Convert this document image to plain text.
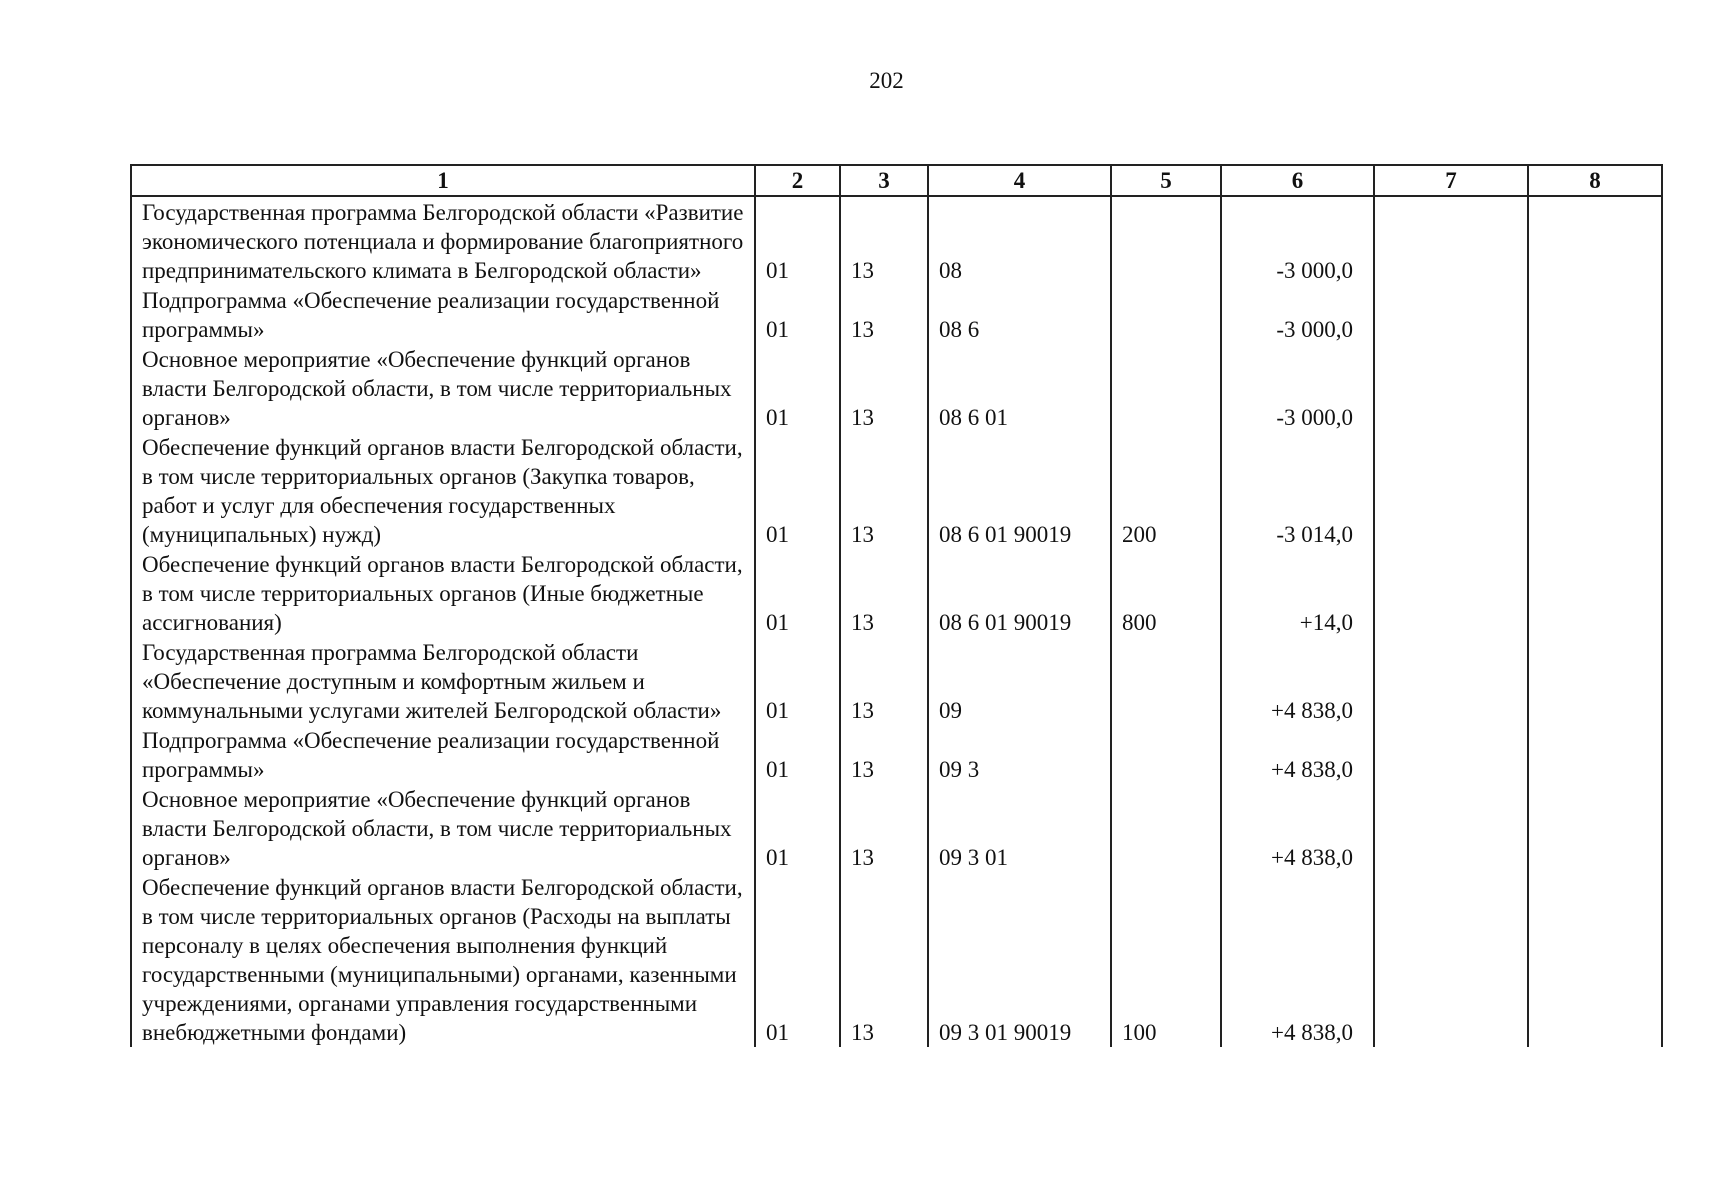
202
1	2	3	4	5	6	7	8
Государственная программа Белгородской области «Развитие экономического потенциала и формирование благоприятного предпринимательского климата в Белгородской области»	01	13	08		-3 000,0		
Подпрограмма «Обеспечение реализации государственной программы»	01	13	08 6		-3 000,0		
Основное мероприятие «Обеспечение функций органов власти Белгородской области, в том числе территориальных органов»	01	13	08 6 01		-3 000,0		
Обеспечение функций органов власти Белгородской области, в том числе территориальных органов (Закупка товаров, работ и услуг для обеспечения государственных (муниципальных) нужд)	01	13	08 6 01 90019	200	-3 014,0		
Обеспечение функций органов власти Белгородской области, в том числе территориальных органов (Иные бюджетные ассигнования)	01	13	08 6 01 90019	800	+14,0		
Государственная программа Белгородской области «Обеспечение доступным и комфортным жильем и коммунальными услугами жителей Белгородской области»	01	13	09		+4 838,0		
Подпрограмма «Обеспечение реализации государственной программы»	01	13	09 3		+4 838,0		
Основное мероприятие «Обеспечение функций органов власти Белгородской области, в том числе территориальных органов»	01	13	09 3 01		+4 838,0		
Обеспечение функций органов власти Белгородской области, в том числе территориальных органов (Расходы на выплаты персоналу в целях обеспечения выполнения функций государственными (муниципальными) органами, казенными учреждениями, органами управления государственными внебюджетными фондами)	01	13	09 3 01 90019	100	+4 838,0		
